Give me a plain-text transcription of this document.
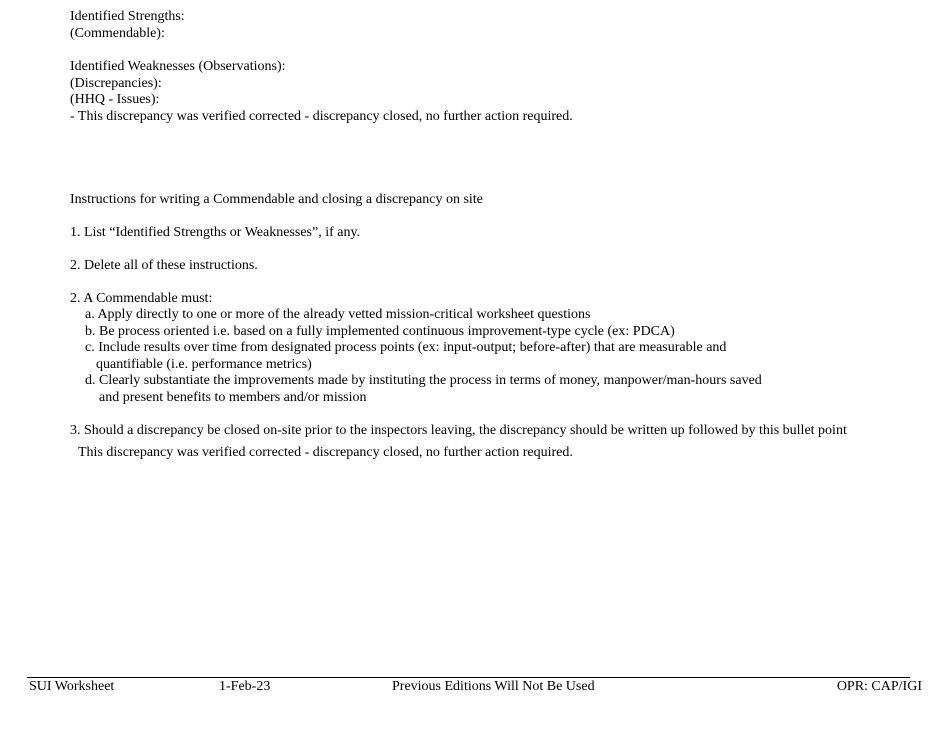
Identified Strengths:
(Commendable):
Identified Weaknesses (Observations):
(Discrepancies):
(HHQ - Issues):
- This discrepancy was verified corrected - discrepancy closed, no further action required.
Instructions for writing a Commendable and closing a discrepancy on site
1. List “Identified Strengths or Weaknesses”, if any.
2. Delete all of these instructions.
2. A Commendable must:
a. Apply directly to one or more of the already vetted mission-critical worksheet questions
b. Be process oriented i.e. based on a fully implemented continuous improvement-type cycle (ex: PDCA)
c. Include results over time from designated process points (ex: input-output; before-after) that are measurable and
quantifiable (i.e. performance metrics)
d. Clearly substantiate the improvements made by instituting the process in terms of money, manpower/man-hours saved
and present benefits to members and/or mission
3. Should a discrepancy be closed on-site prior to the inspectors leaving, the discrepancy should be written up followed by this bullet point
This discrepancy was verified corrected - discrepancy closed, no further action required.
SUI Worksheet	1-Feb-23	Previous Editions Will Not Be Used	OPR: CAP/IGI
